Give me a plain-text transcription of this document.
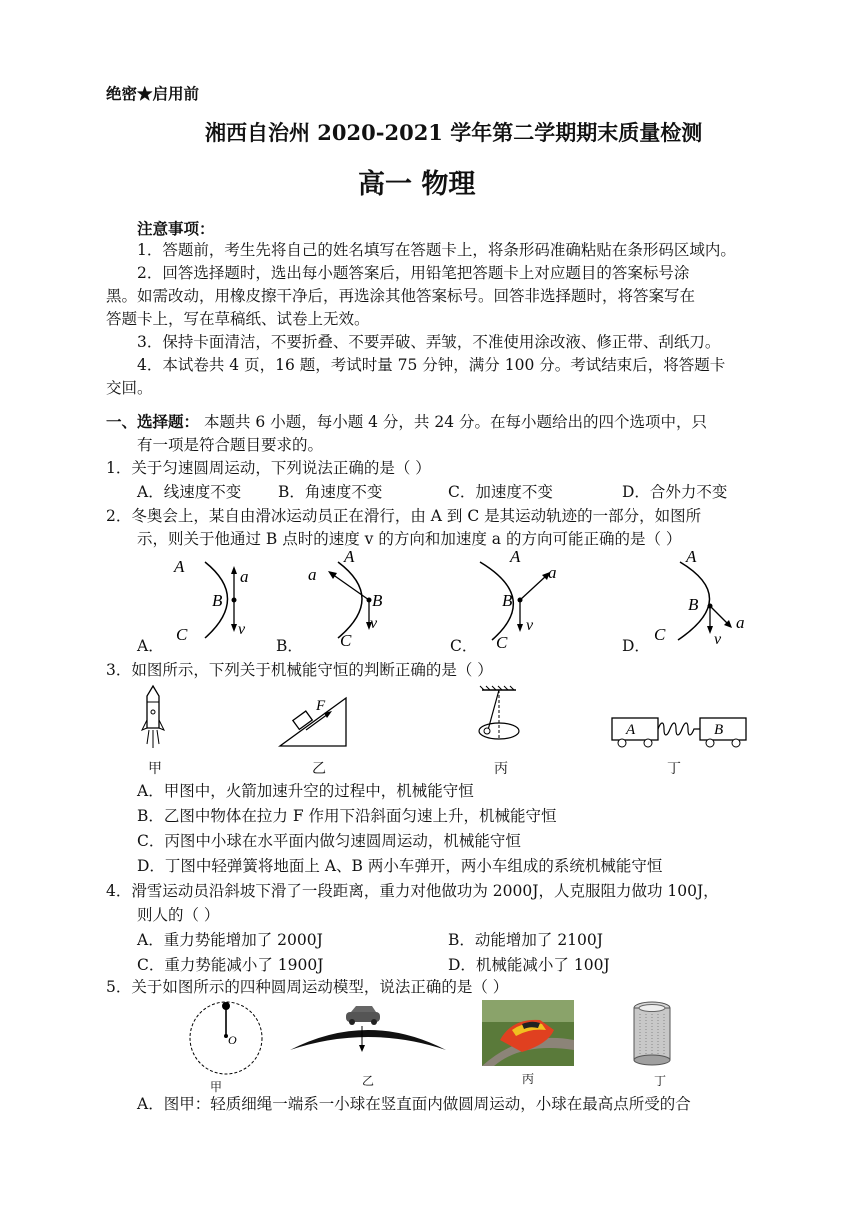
绝密★启用前
湘西自治州 2020-2021 学年第二学期期末质量检测
高一 物理
注意事项：
1．答题前，考生先将自己的姓名填写在答题卡上，将条形码准确粘贴在条形码区域内。
2．回答选择题时，选出每小题答案后，用铅笔把答题卡上对应题目的答案标号涂
黑。如需改动，用橡皮擦干净后，再选涂其他答案标号。回答非选择题时，将答案写在
答题卡上，写在草稿纸、试卷上无效。
3．保持卡面清洁，不要折叠、不要弄破、弄皱，不准使用涂改液、修正带、刮纸刀。
4．本试卷共 4 页，16 题，考试时量 75 分钟，满分 100 分。考试结束后，将答题卡
交回。
一、选择题： 本题共 6 小题，每小题 4 分，共 24 分。在每小题给出的四个选项中，只
有一项是符合题目要求的。
1．关于匀速圆周运动，下列说法正确的是（ ）
A．线速度不变 B．角速度不变	C．加速度不变	D．合外力不变
2．冬奥会上，某自由滑冰运动员正在滑行，由 A 到 C 是其运动轨迹的一部分，如图所
示，则关于他通过 B 点时的速度 v 的方向和加速度 a 的方向可能正确的是（ ）
A
B
C
a
v
A．
A
B
C
a
v
B．
A
B
C
a
v
C．
A
B
C
a
v
D．
3．如图所示，下列关于机械能守恒的判断正确的是（ ）
甲
F
乙	丙
A	B
丁
A．甲图中，火箭加速升空的过程中，机械能守恒
B．乙图中物体在拉力 F 作用下沿斜面匀速上升，机械能守恒
C．丙图中小球在水平面内做匀速圆周运动，机械能守恒
D．丁图中轻弹簧将地面上 A、B 两小车弹开，两小车组成的系统机械能守恒
4．滑雪运动员沿斜坡下滑了一段距离，重力对他做功为 2000J，人克服阻力做功 100J，
则人的（ ）
A．重力势能增加了 2000J	B．动能增加了 2100J
C．重力势能减小了 1900J	D．机械能减小了 100J
5．关于如图所示的四种圆周运动模型，说法正确的是（ ）
O
甲	乙	丙	丁
A．图甲：轻质细绳一端系一小球在竖直面内做圆周运动，小球在最高点所受的合
